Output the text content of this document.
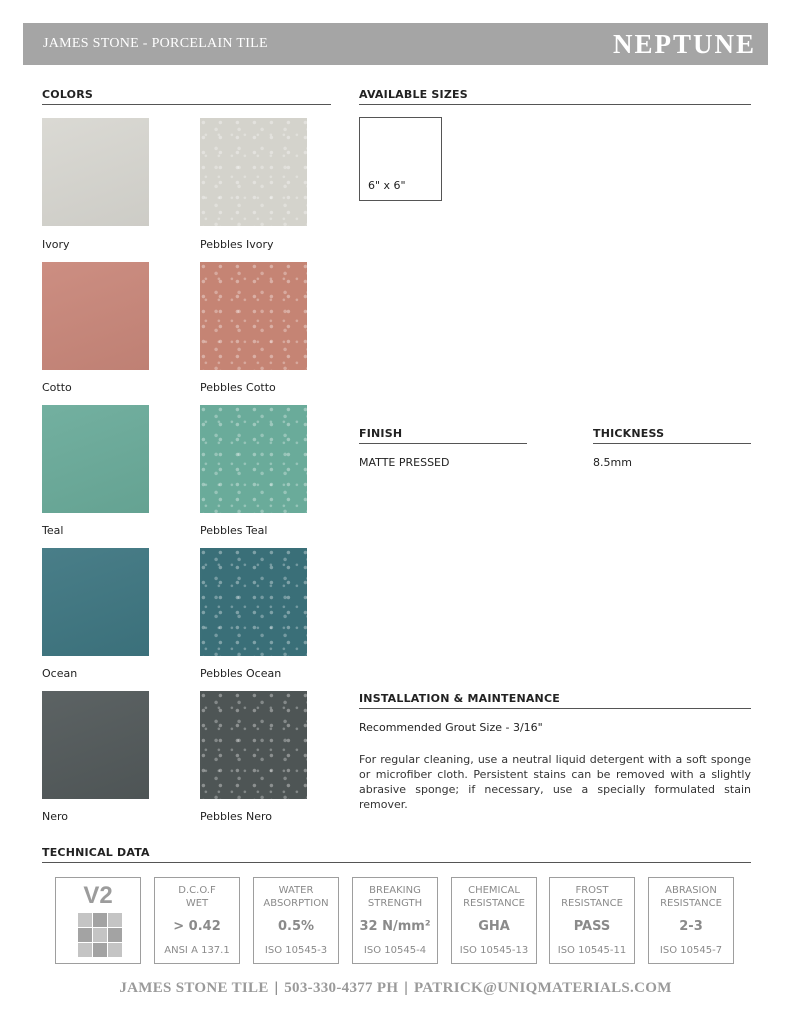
JAMES STONE - PORCELAIN TILE	NEPTUNE
COLORS
Ivory	Pebbles Ivory
Cotto	Pebbles Cotto
Teal	Pebbles Teal
Ocean	Pebbles Ocean
Nero	Pebbles Nero
AVAILABLE SIZES
6" x 6"
FINISH
MATTE PRESSED
THICKNESS
8.5mm
INSTALLATION & MAINTENANCE
Recommended Grout Size - 3/16"
For regular cleaning, use a neutral liquid detergent with a soft sponge or microfiber cloth. Persistent stains can be removed with a slightly abrasive sponge; if necessary, use a specially formulated stain remover.
TECHNICAL DATA
V2	D.C.O.F
WET
> 0.42
ANSI A 137.1
WATER
ABSORPTION
0.5%
ISO 10545-3
BREAKING
STRENGTH
32 N/mm²
ISO 10545-4
CHEMICAL
RESISTANCE
GHA
ISO 10545-13
FROST
RESISTANCE
PASS
ISO 10545-11
ABRASION
RESISTANCE
2-3
ISO 10545-7
JAMES STONE TILE | 503-330-4377 PH | PATRICK@UNIQMATERIALS.COM
